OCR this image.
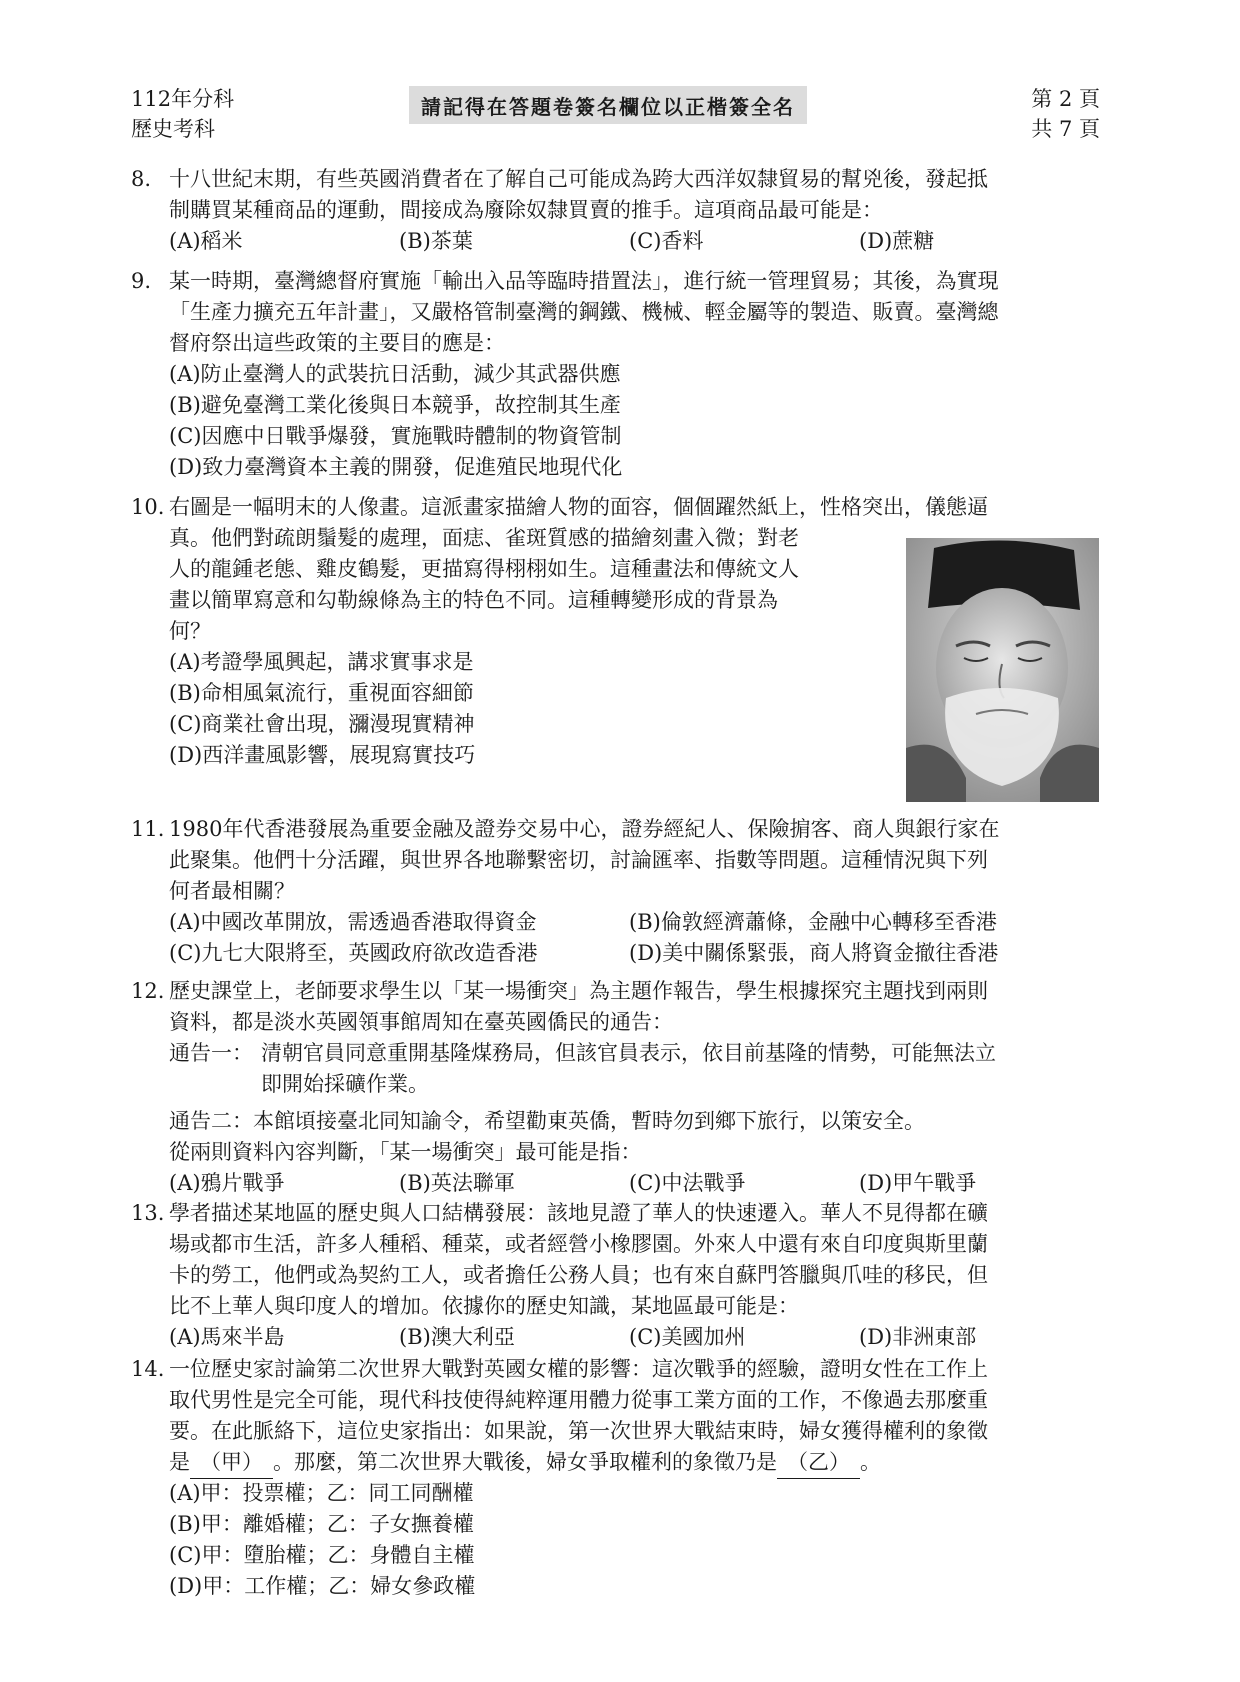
112年分科
歷史考科
請記得在答題卷簽名欄位以正楷簽全名	第 2 頁
共 7 頁
8. 十八世紀末期，有些英國消費者在了解自己可能成為跨大西洋奴隸貿易的幫兇後，發起抵
制購買某種商品的運動，間接成為廢除奴隸買賣的推手。這項商品最可能是：
(A)稻米	(B)茶葉	(C)香料	(D)蔗糖
9. 某一時期，臺灣總督府實施「輸出入品等臨時措置法」，進行統一管理貿易；其後，為實現
「生產力擴充五年計畫」，又嚴格管制臺灣的鋼鐵、機械、輕金屬等的製造、販賣。臺灣總
督府祭出這些政策的主要目的應是：
(A)防止臺灣人的武裝抗日活動，減少其武器供應
(B)避免臺灣工業化後與日本競爭，故控制其生產
(C)因應中日戰爭爆發，實施戰時體制的物資管制
(D)致力臺灣資本主義的開發，促進殖民地現代化
10. 右圖是一幅明末的人像畫。這派畫家描繪人物的面容，個個躍然紙上，性格突出，儀態逼
真。他們對疏朗鬚髮的處理，面痣、雀斑質感的描繪刻畫入微；對老
人的龍鍾老態、雞皮鶴髮，更描寫得栩栩如生。這種畫法和傳統文人
畫以簡單寫意和勾勒線條為主的特色不同。這種轉變形成的背景為
何？
(A)考證學風興起，講求實事求是
(B)命相風氣流行，重視面容細節
(C)商業社會出現，瀰漫現實精神
(D)西洋畫風影響，展現寫實技巧
11. 1980年代香港發展為重要金融及證券交易中心，證券經紀人、保險掮客、商人與銀行家在
此聚集。他們十分活躍，與世界各地聯繫密切，討論匯率、指數等問題。這種情況與下列
何者最相關？
(A)中國改革開放，需透過香港取得資金	(B)倫敦經濟蕭條，金融中心轉移至香港
(C)九七大限將至，英國政府欲改造香港	(D)美中關係緊張，商人將資金撤往香港
12. 歷史課堂上，老師要求學生以「某一場衝突」為主題作報告，學生根據探究主題找到兩則
資料，都是淡水英國領事館周知在臺英國僑民的通告：
通告一： 清朝官員同意重開基隆煤務局，但該官員表示，依目前基隆的情勢，可能無法立
即開始採礦作業。
通告二：本館頃接臺北同知諭令，希望勸東英僑，暫時勿到鄉下旅行，以策安全。
從兩則資料內容判斷，「某一場衝突」最可能是指：
(A)鴉片戰爭	(B)英法聯軍	(C)中法戰爭	(D)甲午戰爭
13. 學者描述某地區的歷史與人口結構發展：該地見證了華人的快速遷入。華人不見得都在礦
場或都市生活，許多人種稻、種菜，或者經營小橡膠園。外來人中還有來自印度與斯里蘭
卡的勞工，他們或為契約工人，或者擔任公務人員；也有來自蘇門答臘與爪哇的移民，但
比不上華人與印度人的增加。依據你的歷史知識，某地區最可能是：
(A)馬來半島	(B)澳大利亞	(C)美國加州	(D)非洲東部
14. 一位歷史家討論第二次世界大戰對英國女權的影響：這次戰爭的經驗，證明女性在工作上
取代男性是完全可能，現代科技使得純粹運用體力從事工業方面的工作，不像過去那麼重
要。在此脈絡下，這位史家指出：如果說，第一次世界大戰結束時，婦女獲得權利的象徵
是 （甲） 。那麼，第二次世界大戰後，婦女爭取權利的象徵乃是 （乙） 。
(A)甲：投票權；乙：同工同酬權
(B)甲：離婚權；乙：子女撫養權
(C)甲：墮胎權；乙：身體自主權
(D)甲：工作權；乙：婦女參政權
